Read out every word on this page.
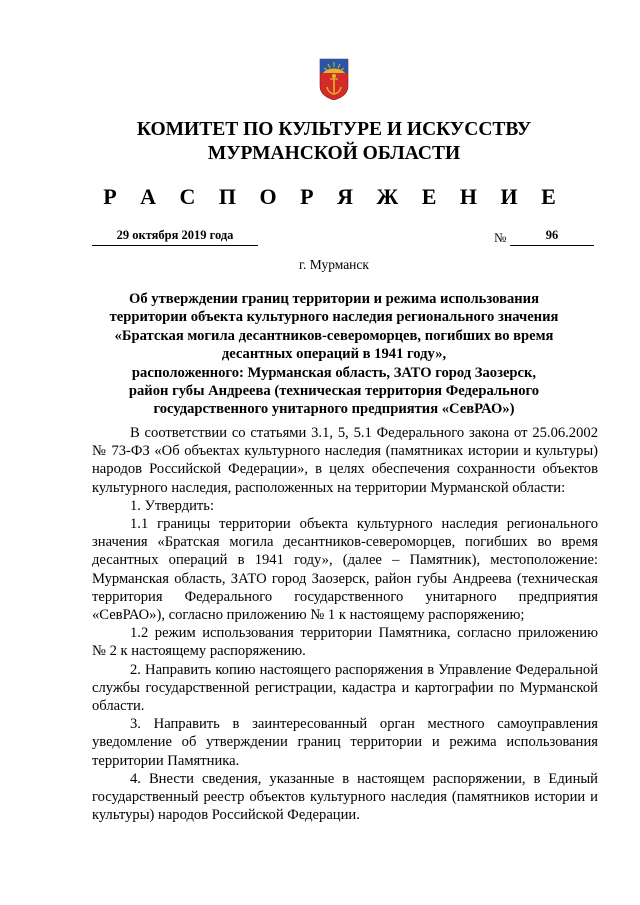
КОМИТЕТ ПО КУЛЬТУРЕ И ИСКУССТВУ
МУРМАНСКОЙ ОБЛАСТИ
Р А С П О Р Я Ж Е Н И Е
29 октября 2019 года	№	96
г. Мурманск
Об утверждении границ территории и режима использования
территории объекта культурного наследия регионального значения
«Братская могила десантников-североморцев, погибших во время
десантных операций в 1941 году»,
расположенного: Мурманская область, ЗАТО город Заозерск,
район губы Андреева (техническая территория Федерального
государственного унитарного предприятия «СевРАО»)

В соответствии со статьями 3.1, 5, 5.1 Федерального закона от 25.06.2002 № 73-ФЗ «Об объектах культурного наследия (памятниках истории и культуры) народов Российской Федерации», в целях обеспечения сохранности объектов культурного наследия, расположенных на территории Мурманской области:

1. Утвердить:

1.1 границы территории объекта культурного наследия регионального значения «Братская могила десантников-североморцев, погибших во время десантных операций в 1941 году», (далее – Памятник), местоположение: Мурманская область, ЗАТО город Заозерск, район губы Андреева (техническая территория Федерального государственного унитарного предприятия «СевРАО»), согласно приложению № 1 к настоящему распоряжению;

1.2 режим использования территории Памятника, согласно приложению № 2 к настоящему распоряжению.

2. Направить копию настоящего распоряжения в Управление Федеральной службы государственной регистрации, кадастра и картографии по Мурманской области.

3. Направить в заинтересованный орган местного самоуправления уведомление об утверждении границ территории и режима использования территории Памятника.

4. Внести сведения, указанные в настоящем распоряжении, в Единый государственный реестр объектов культурного наследия (памятников истории и культуры) народов Российской Федерации.
